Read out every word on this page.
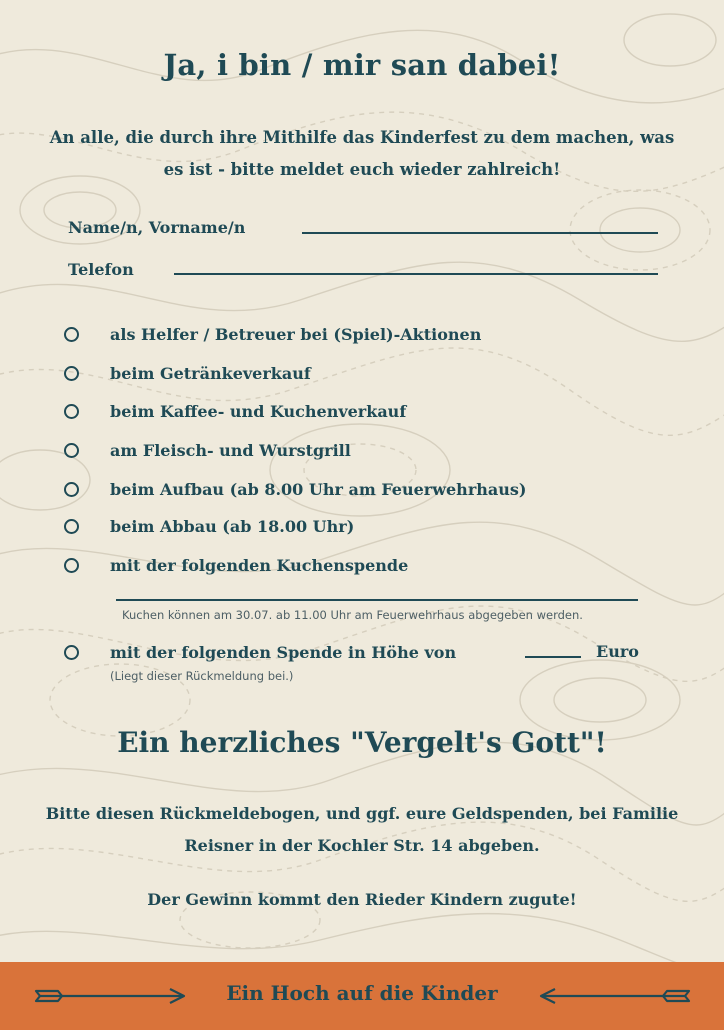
Ja, i bin / mir san dabei!
An alle, die durch ihre Mithilfe das Kinderfest zu dem machen, was es ist - bitte meldet euch wieder zahlreich!
Name/n, Vorname/n
Telefon
als Helfer / Betreuer bei (Spiel)-Aktionen
beim Getränkeverkauf
beim Kaffee- und Kuchenverkauf
am Fleisch- und Wurstgrill
beim Aufbau (ab 8.00 Uhr am Feuerwehrhaus)
beim Abbau (ab 18.00 Uhr)
mit der folgenden Kuchenspende
Kuchen können am 30.07. ab 11.00 Uhr am Feuerwehrhaus abgegeben werden.
mit der folgenden Spende in Höhe von	Euro
(Liegt dieser Rückmeldung bei.)
Ein herzliches "Vergelt's Gott"!
Bitte diesen Rückmeldebogen, und ggf. eure Geldspenden, bei Familie Reisner in der Kochler Str. 14 abgeben.
Der Gewinn kommt den Rieder Kindern zugute!
Ein Hoch auf die Kinder
